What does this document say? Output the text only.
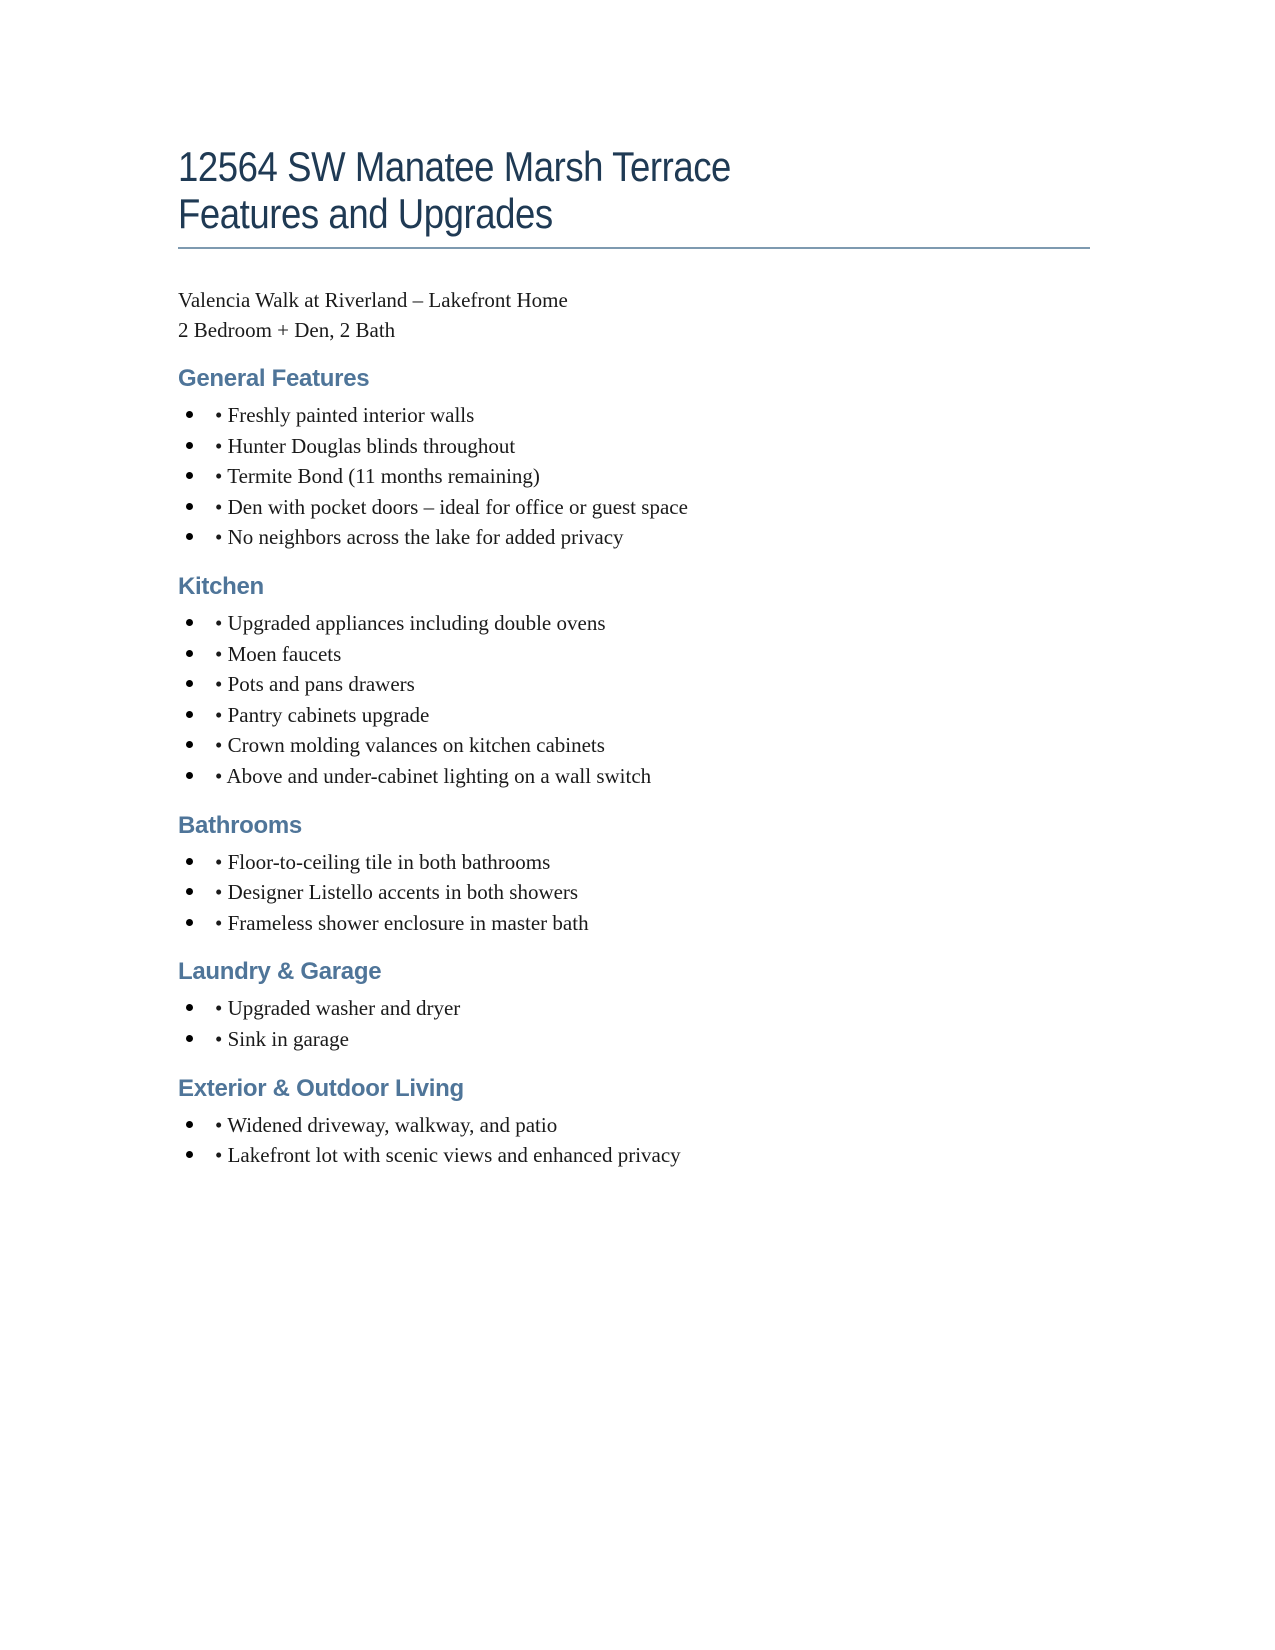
12564 SW Manatee Marsh Terrace
Features and Upgrades
Valencia Walk at Riverland – Lakefront Home
2 Bedroom + Den, 2 Bath
General Features
• Freshly painted interior walls
• Hunter Douglas blinds throughout
• Termite Bond (11 months remaining)
• Den with pocket doors – ideal for office or guest space
• No neighbors across the lake for added privacy
Kitchen
• Upgraded appliances including double ovens
• Moen faucets
• Pots and pans drawers
• Pantry cabinets upgrade
• Crown molding valances on kitchen cabinets
• Above and under-cabinet lighting on a wall switch
Bathrooms
• Floor-to-ceiling tile in both bathrooms
• Designer Listello accents in both showers
• Frameless shower enclosure in master bath
Laundry & Garage
• Upgraded washer and dryer
• Sink in garage
Exterior & Outdoor Living
• Widened driveway, walkway, and patio
• Lakefront lot with scenic views and enhanced privacy
